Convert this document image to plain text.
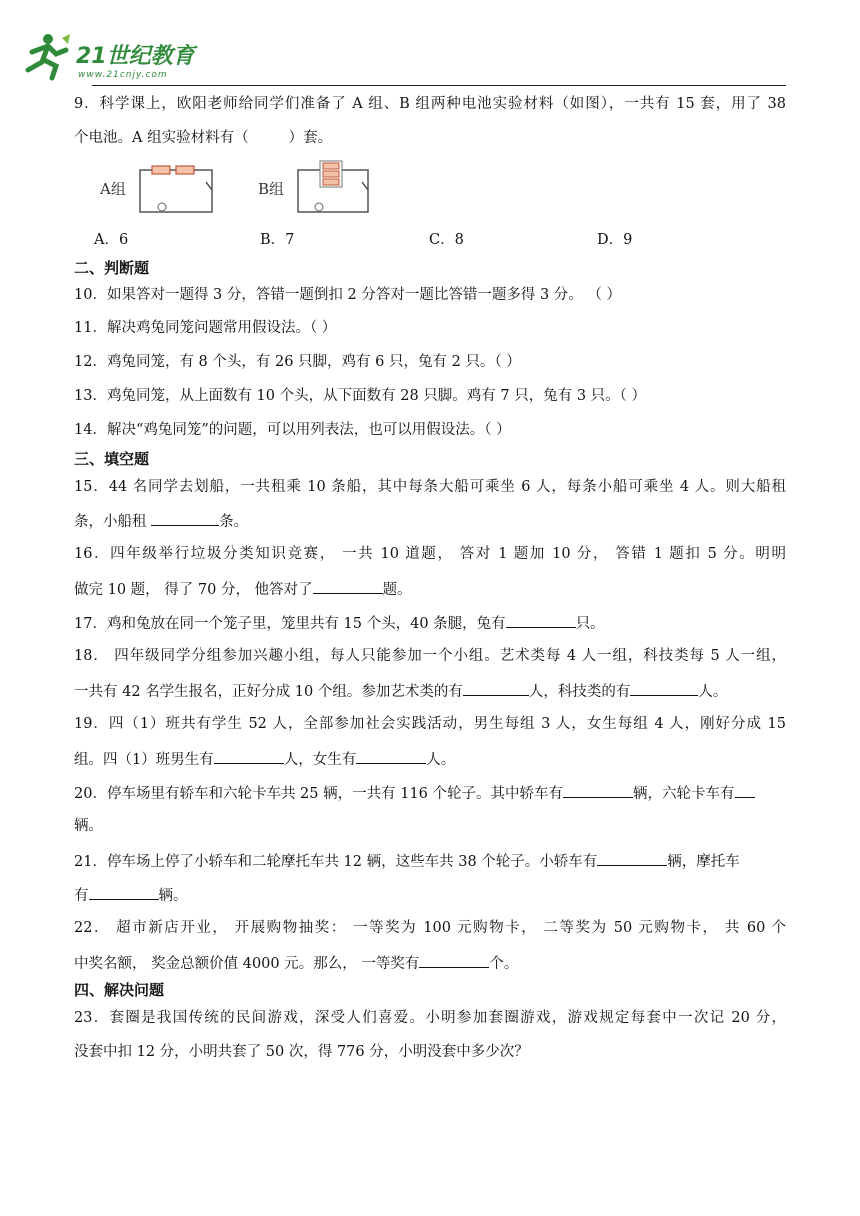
21世纪教育
www.21cnjy.com
9．科学课上，欧阳老师给同学们准备了 A 组、B 组两种电池实验材料（如图），一共有 15 套，用了 38
个电池。A 组实验材料有（	）套。
A组	B组
A．6	B．7	C．8	D．9
二、判断题
10．如果答对一题得 3 分，答错一题倒扣 2 分答对一题比答错一题多得 3 分。 （ ）
11．解决鸡兔同笼问题常用假设法。（ ）
12．鸡兔同笼，有 8 个头，有 26 只脚，鸡有 6 只，兔有 2 只。（ ）
13．鸡兔同笼，从上面数有 10 个头，从下面数有 28 只脚。鸡有 7 只，兔有 3 只。（ ）
14．解决“鸡兔同笼”的问题，可以用列表法，也可以用假设法。（ ）
三、填空题
15．44 名同学去划船，一共租乘 10 条船，其中每条大船可乘坐 6 人，每条小船可乘坐 4 人。则大船租
条，小船租	条。
16．四年级举行垃圾分类知识竞赛， 一共 10 道题， 答对 1 题加 10 分， 答错 1 题扣 5 分。明明
做完 10 题， 得了 70 分， 他答对了	题。
17．鸡和兔放在同一个笼子里，笼里共有 15 个头，40 条腿，兔有	只。
18． 四年级同学分组参加兴趣小组，每人只能参加一个小组。艺术类每 4 人一组，科技类每 5 人一组，
一共有 42 名学生报名，正好分成 10 个组。参加艺术类的有	人，科技类的有	人。
19．四（1）班共有学生 52 人，全部参加社会实践活动，男生每组 3 人，女生每组 4 人，刚好分成 15
组。四（1）班男生有	人，女生有	人。
20．停车场里有轿车和六轮卡车共 25 辆，一共有 116 个轮子。其中轿车有	辆，六轮卡车有
辆。
21．停车场上停了小轿车和二轮摩托车共 12 辆，这些车共 38 个轮子。小轿车有	辆，摩托车
有	辆。
22． 超市新店开业， 开展购物抽奖： 一等奖为 100 元购物卡， 二等奖为 50 元购物卡， 共 60 个
中奖名额， 奖金总额价值 4000 元。那么， 一等奖有	个。
四、解决问题
23．套圈是我国传统的民间游戏，深受人们喜爱。小明参加套圈游戏，游戏规定每套中一次记 20 分，
没套中扣 12 分，小明共套了 50 次，得 776 分，小明没套中多少次？
